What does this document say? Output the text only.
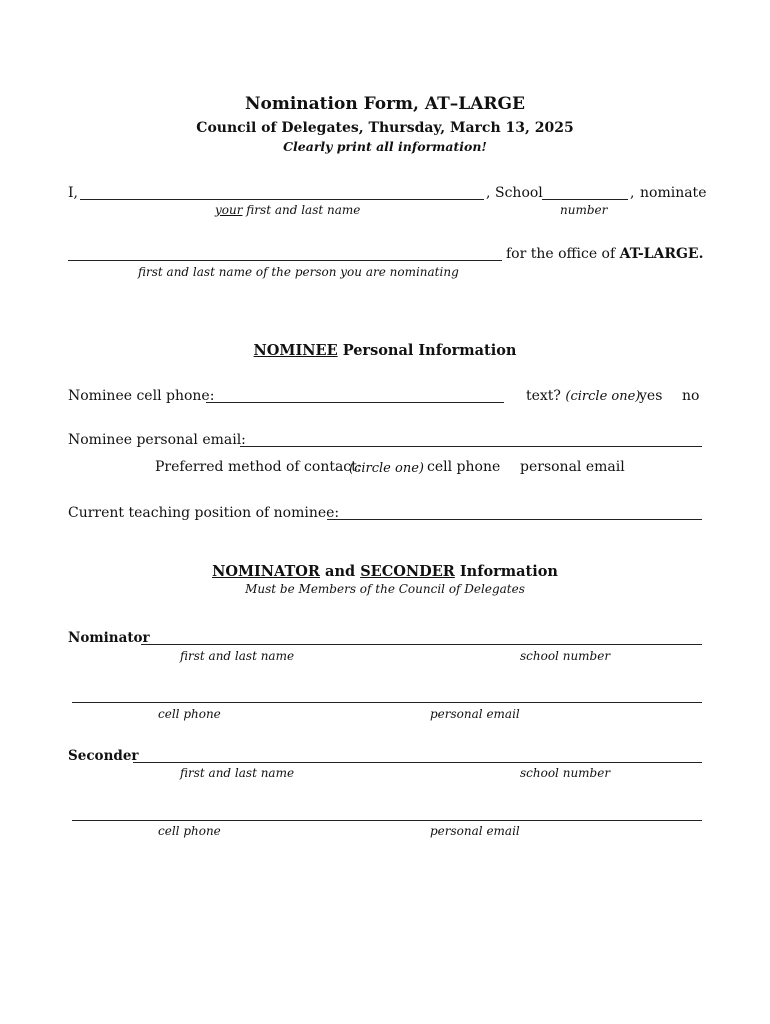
Nomination Form, AT–LARGE
Council of Delegates, Thursday, March 13, 2025
Clearly print all information!
I,	, School	, nominate
your first and last name	number
for the office of AT-LARGE.
first and last name of the person you are nominating
NOMINEE Personal Information
Nominee cell phone:	text? (circle one)
yes no
Nominee personal email:
Preferred method of contact:
(circle one) cell phone personal email
Current teaching position of nominee:
NOMINATOR and SECONDER Information
Must be Members of the Council of Delegates
Nominator
first and last name	school number
cell phone	personal email
Seconder
first and last name	school number
cell phone	personal email
